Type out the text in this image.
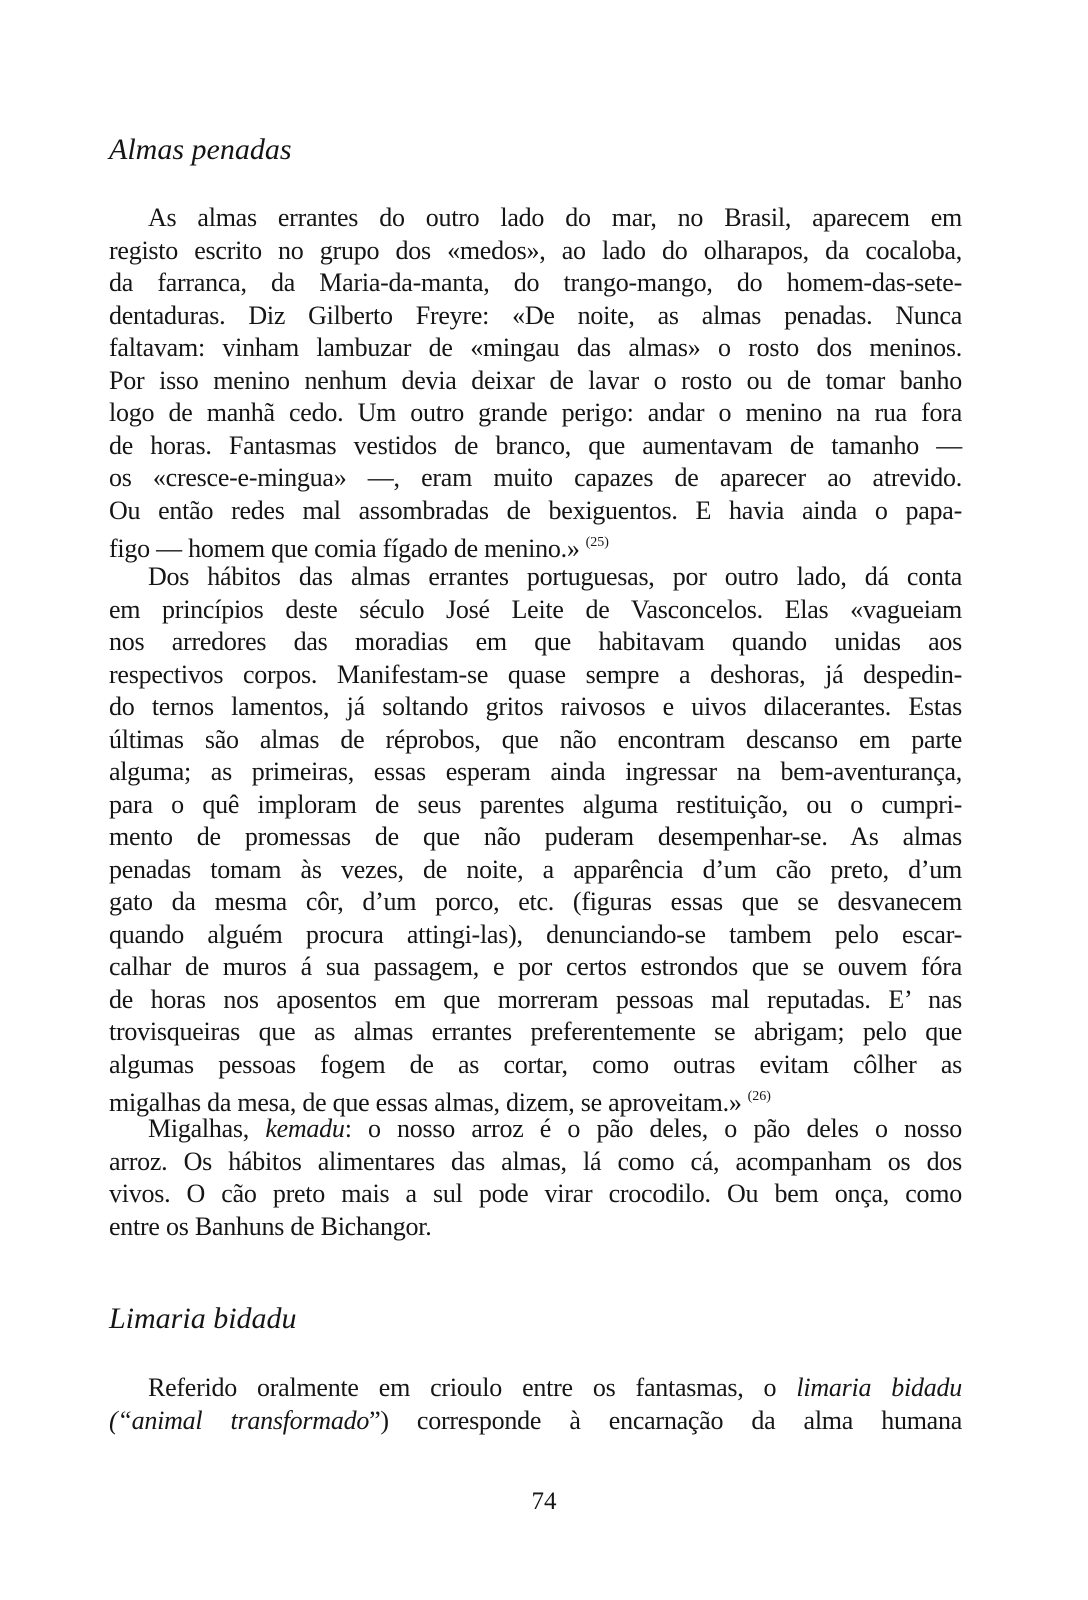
Almas penadas
As almas errantes do outro lado do mar, no Brasil, aparecem em
registo escrito no grupo dos «medos», ao lado do olharapos, da cocaloba,
da farranca, da Maria-da-manta, do trango-mango, do homem-das-sete-
dentaduras. Diz Gilberto Freyre: «De noite, as almas penadas. Nunca
faltavam: vinham lambuzar de «mingau das almas» o rosto dos meninos.
Por isso menino nenhum devia deixar de lavar o rosto ou de tomar banho
logo de manhã cedo. Um outro grande perigo: andar o menino na rua fora
de horas. Fantasmas vestidos de branco, que aumentavam de tamanho —
os «cresce-e-mingua» —, eram muito capazes de aparecer ao atrevido.
Ou então redes mal assombradas de bexiguentos. E havia ainda o papa-
figo — homem que comia fígado de menino.» $^{(25)}$
Dos hábitos das almas errantes portuguesas, por outro lado, dá conta
em princípios deste século José Leite de Vasconcelos. Elas «vagueiam
nos arredores das moradias em que habitavam quando unidas aos
respectivos corpos. Manifestam-se quase sempre a deshoras, já despedin-
do ternos lamentos, já soltando gritos raivosos e uivos dilacerantes. Estas
últimas são almas de réprobos, que não encontram descanso em parte
alguma; as primeiras, essas esperam ainda ingressar na bem-aventurança,
para o quê imploram de seus parentes alguma restituição, ou o cumpri-
mento de promessas de que não puderam desempenhar-se. As almas
penadas tomam às vezes, de noite, a apparência d’um cão preto, d’um
gato da mesma côr, d’um porco, etc. (figuras essas que se desvanecem
quando alguém procura attingi-las), denunciando-se tambem pelo escar-
calhar de muros á sua passagem, e por certos estrondos que se ouvem fóra
de horas nos aposentos em que morreram pessoas mal reputadas. E’ nas
trovisqueiras que as almas errantes preferentemente se abrigam; pelo que
algumas pessoas fogem de as cortar, como outras evitam côlher as
migalhas da mesa, de que essas almas, dizem, se aproveitam.» $^{(26)}$
Migalhas, kemadu: o nosso arroz é o pão deles, o pão deles o nosso
arroz. Os hábitos alimentares das almas, lá como cá, acompanham os dos
vivos. O cão preto mais a sul pode virar crocodilo. Ou bem onça, como
entre os Banhuns de Bichangor.
Limaria bidadu
Referido oralmente em crioulo entre os fantasmas, o limaria bidadu
(“animal transformado”) corresponde à encarnação da alma humana
74
